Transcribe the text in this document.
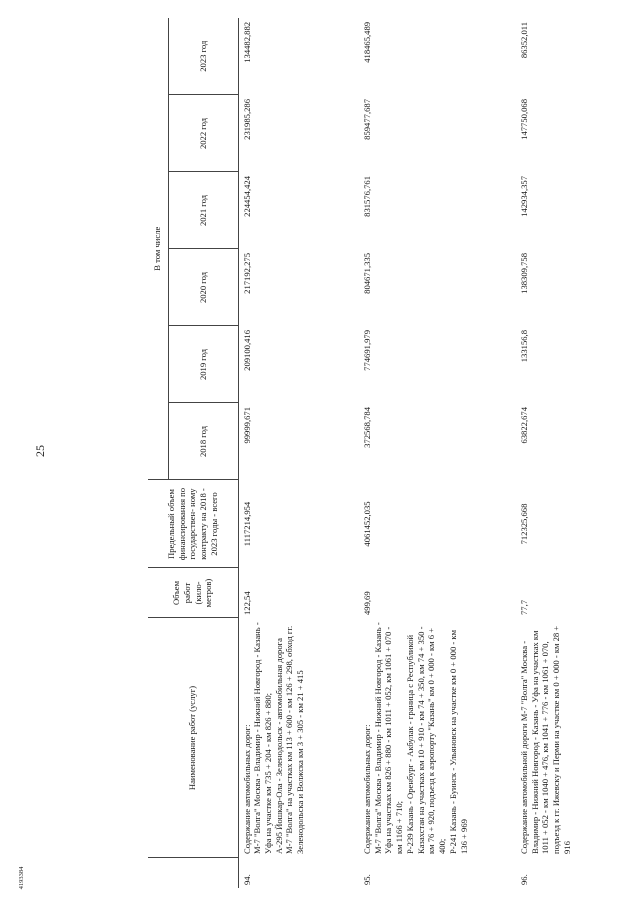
25
4193384
	Наименование работ (услуг)	Объем работ (кило- метров)	Предельный объем финансирования по государствен- ному контракту на 2018 - 2023 годы - всего	В том числе					
				2018 год	2019 год	2020 год	2021 год	2022 год	2023 год
94.	Содержание автомобильных дорог:
М-7 "Волга" Москва - Владимир - Нижний Новгород - Казань - Уфа на участке км 735 + 204 - км 826 + 880;
А-295 Йошкар-Ола - Зеленодольск - автомобильная дорога М-7 "Волга" на участках км 113 + 600 - км 126 + 298, обход гг. Зеленодольска и Волжска км 3 + 305 - км 21 + 415	122,54	1117214,954	99999,671	209100,416	217192,275	224454,424	231985,286	134482,882
95.	Содержание автомобильных дорог:
М-7 "Волга" Москва - Владимир - Нижний Новгород - Казань - Уфа на участках км 826 + 880 - км 1011 + 052, км 1061 + 070 - км 1166 + 710;
Р-239 Казань - Оренбург - Акбулак - граница с Республикой Казахстан на участках км 10 + 910 - км 74 + 350, км 74 + 350 - км 76 + 920, подъезд к аэропорту "Казань" км 0 + 000 - км 6 + 400;
Р-241 Казань - Буинск - Ульяновск на участке км 0 + 000 - км 136 + 969	499,69	4061452,035	372568,784	774691,979	804671,335	831576,761	859477,687	418465,489
96.	Содержание автомобильной дороги М-7 "Волга" Москва - Владимир - Нижний Новгород - Казань - Уфа на участках км 1011 + 052 - км 1040 + 476, км 1041 + 776 - км 1061 + 070, подъезд к гг. Ижевску и Перми на участке км 0 + 000 - км 28 + 916	77,7	712325,668	63822,674	133156,8	138309,758	142934,357	147750,068	86352,011
